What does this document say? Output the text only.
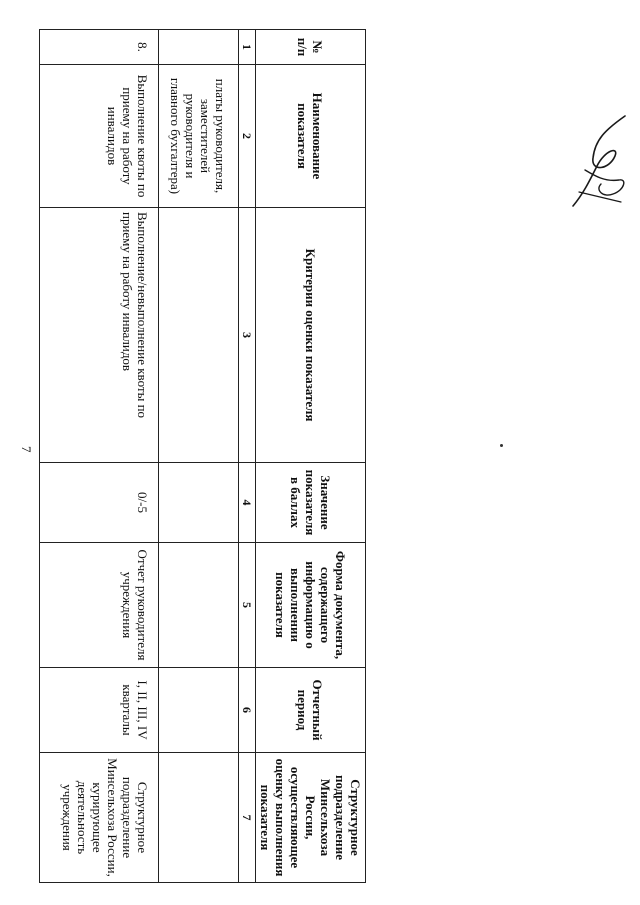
7
№ п/п	Наименование показателя	Критерии оценки показателя	Значение показателя в баллах	Форма документа, содержащего информацию о выполнении показателя	Отчетный период	Структурное подразделение Минсельхоза России, осуществляющее оценку выполнения показателя
1	2	3	4	5	6	7
	платы руководителя, заместителей руководителя и главного бухгалтера)					
8.	Выполнение квоты по приему на работу инвалидов	Выполнение/невыполнение квоты по приему на работу инвалидов	0/-5	Отчет руководителя учреждения	I, II, III, IV кварталы	Структурное подразделение Минсельхоза России, курирующее деятельность учреждения
